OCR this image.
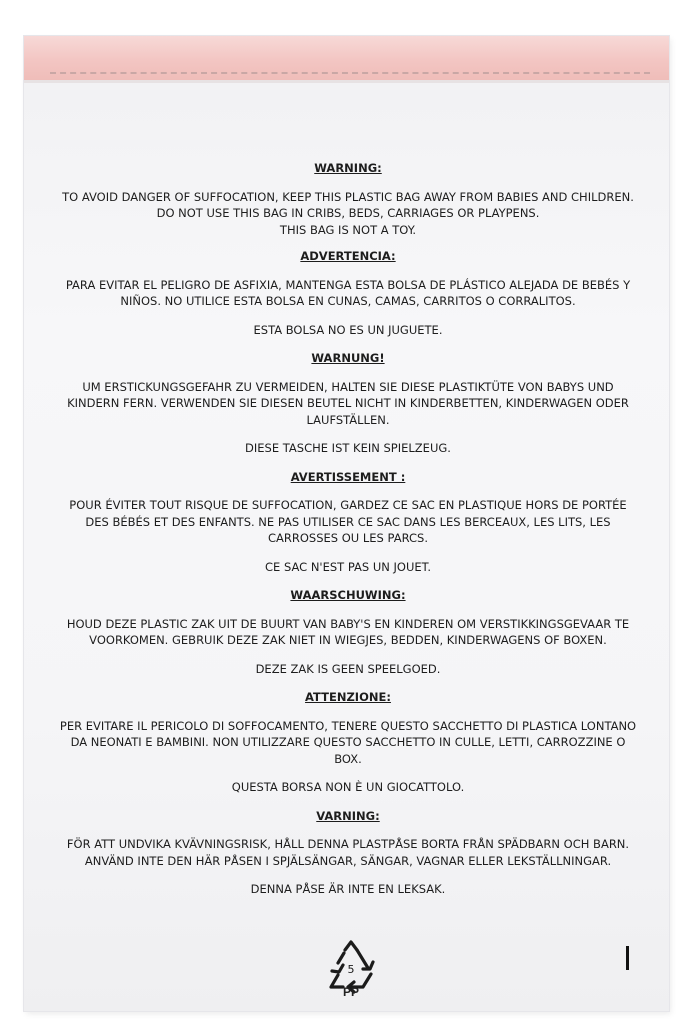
WARNING:
TO AVOID DANGER OF SUFFOCATION, KEEP THIS PLASTIC BAG AWAY FROM BABIES AND CHILDREN. DO NOT USE THIS BAG IN CRIBS, BEDS, CARRIAGES OR PLAYPENS.
THIS BAG IS NOT A TOY.
ADVERTENCIA:
PARA EVITAR EL PELIGRO DE ASFIXIA, MANTENGA ESTA BOLSA DE PLÁSTICO ALEJADA DE BEBÉS Y NIÑOS. NO UTILICE ESTA BOLSA EN CUNAS, CAMAS, CARRITOS O CORRALITOS.
ESTA BOLSA NO ES UN JUGUETE.
WARNUNG!
UM ERSTICKUNGSGEFAHR ZU VERMEIDEN, HALTEN SIE DIESE PLASTIKTÜTE VON BABYS UND KINDERN FERN. VERWENDEN SIE DIESEN BEUTEL NICHT IN KINDERBETTEN, KINDERWAGEN ODER LAUFSTÄLLEN.
DIESE TASCHE IST KEIN SPIELZEUG.
AVERTISSEMENT :
POUR ÉVITER TOUT RISQUE DE SUFFOCATION, GARDEZ CE SAC EN PLASTIQUE HORS DE PORTÉE DES BÉBÉS ET DES ENFANTS. NE PAS UTILISER CE SAC DANS LES BERCEAUX, LES LITS, LES CARROSSES OU LES PARCS.
CE SAC N'EST PAS UN JOUET.
WAARSCHUWING:
HOUD DEZE PLASTIC ZAK UIT DE BUURT VAN BABY'S EN KINDEREN OM VERSTIKKINGSGEVAAR TE VOORKOMEN. GEBRUIK DEZE ZAK NIET IN WIEGJES, BEDDEN, KINDERWAGENS OF BOXEN.
DEZE ZAK IS GEEN SPEELGOED.
ATTENZIONE:
PER EVITARE IL PERICOLO DI SOFFOCAMENTO, TENERE QUESTO SACCHETTO DI PLASTICA LONTANO DA NEONATI E BAMBINI. NON UTILIZZARE QUESTO SACCHETTO IN CULLE, LETTI, CARROZZINE O BOX.
QUESTA BORSA NON È UN GIOCATTOLO.
VARNING:
FÖR ATT UNDVIKA KVÄVNINGSRISK, HÅLL DENNA PLASTPÅSE BORTA FRÅN SPÄDBARN OCH BARN. ANVÄND INTE DEN HÄR PÅSEN I SPJÄLSÄNGAR, SÄNGAR, VAGNAR ELLER LEKSTÄLLNINGAR.
DENNA PÅSE ÄR INTE EN LEKSAK.
5
PP
